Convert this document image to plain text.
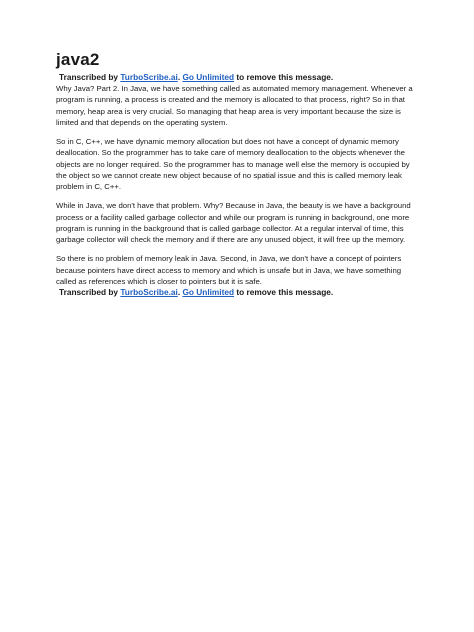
java2
Transcribed by TurboScribe.ai. Go Unlimited to remove this message.

Why Java? Part 2. In Java, we have something called as automated memory management. Whenever a program is running, a process is created and the memory is allocated to that process, right? So in that memory, heap area is very crucial. So managing that heap area is very important because the size is limited and that depends on the operating system.

So in C, C++, we have dynamic memory allocation but does not have a concept of dynamic memory deallocation. So the programmer has to take care of memory deallocation to the objects whenever the objects are no longer required. So the programmer has to manage well else the memory is occupied by the object so we cannot create new object because of no spatial issue and this is called memory leak problem in C, C++.

While in Java, we don't have that problem. Why? Because in Java, the beauty is we have a background process or a facility called garbage collector and while our program is running in background, one more program is running in the background that is called garbage collector. At a regular interval of time, this garbage collector will check the memory and if there are any unused object, it will free up the memory.

So there is no problem of memory leak in Java. Second, in Java, we don't have a concept of pointers because pointers have direct access to memory and which is unsafe but in Java, we have something called as references which is closer to pointers but it is safe.

Transcribed by TurboScribe.ai. Go Unlimited to remove this message.
